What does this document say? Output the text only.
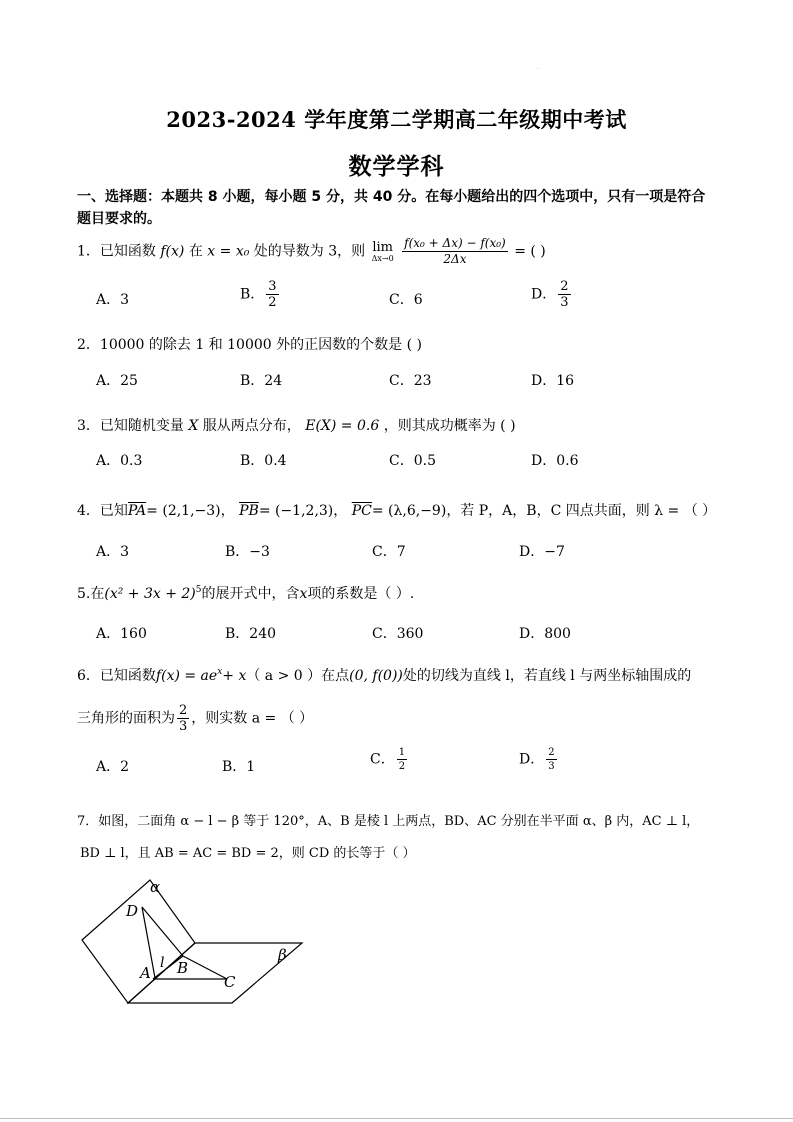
·
2023-2024 学年度第二学期高二年级期中考试
数学学科
一、选择题：本题共 8 小题，每小题 5 分，共 40 分。在每小题给出的四个选项中，只有一项是符合题目要求的。
1．已知函数 f(x) 在 x = x₀ 处的导数为 3，则 lim
Δx→0
$\frac{\text{f(x₀ + Δx) − f(x₀)}}{2\Delta x}$ = ( )
A．3	B． $\frac{3}{2}$	C．6	D． $\frac{2}{3}$
2．10000 的除去 1 和 10000 外的正因数的个数是 ( )
A．25	B．24	C．23	D．16
3．已知随机变量 X 服从两点分布， E(X) = 0.6 ，则其成功概率为 ( )
A．0.3	B．0.4	C．0.5	D．0.6
4．已知$\overline{PA}= (2,1,-3)$， $\overline{PB}= (-1,2,3)$， $\overline{PC}= (\lambda,6,-9)$，若 P，A，B，C 四点共面，则 λ = （ ）
A．3	B．−3	C．7	D．−7
5.在$(x^2 + 3x + 2)^5$的展开式中，含x项的系数是（ ）.
A．160	B．240	C．360	D．800
6．已知函数$f(x) = ae^x+ x$（ a > 0 ）在点(0, f(0))处的切线为直线 l，若直线 l 与两坐标轴围成的
三角形的面积为 $\frac{2}{3}$ ，则实数 a = （ ）
A．2	B．1	C． $\frac{1}{2}$	D． $\frac{2}{3}$
7．如图，二面角 α − l − β 等于 120°，A、B 是棱 l 上两点，BD、AC 分别在半平面 α、β 内，AC ⊥ l，
BD ⊥ l，且 AB = AC = BD = 2，则 CD 的长等于（ ）
α
β
D
A
l B
C
